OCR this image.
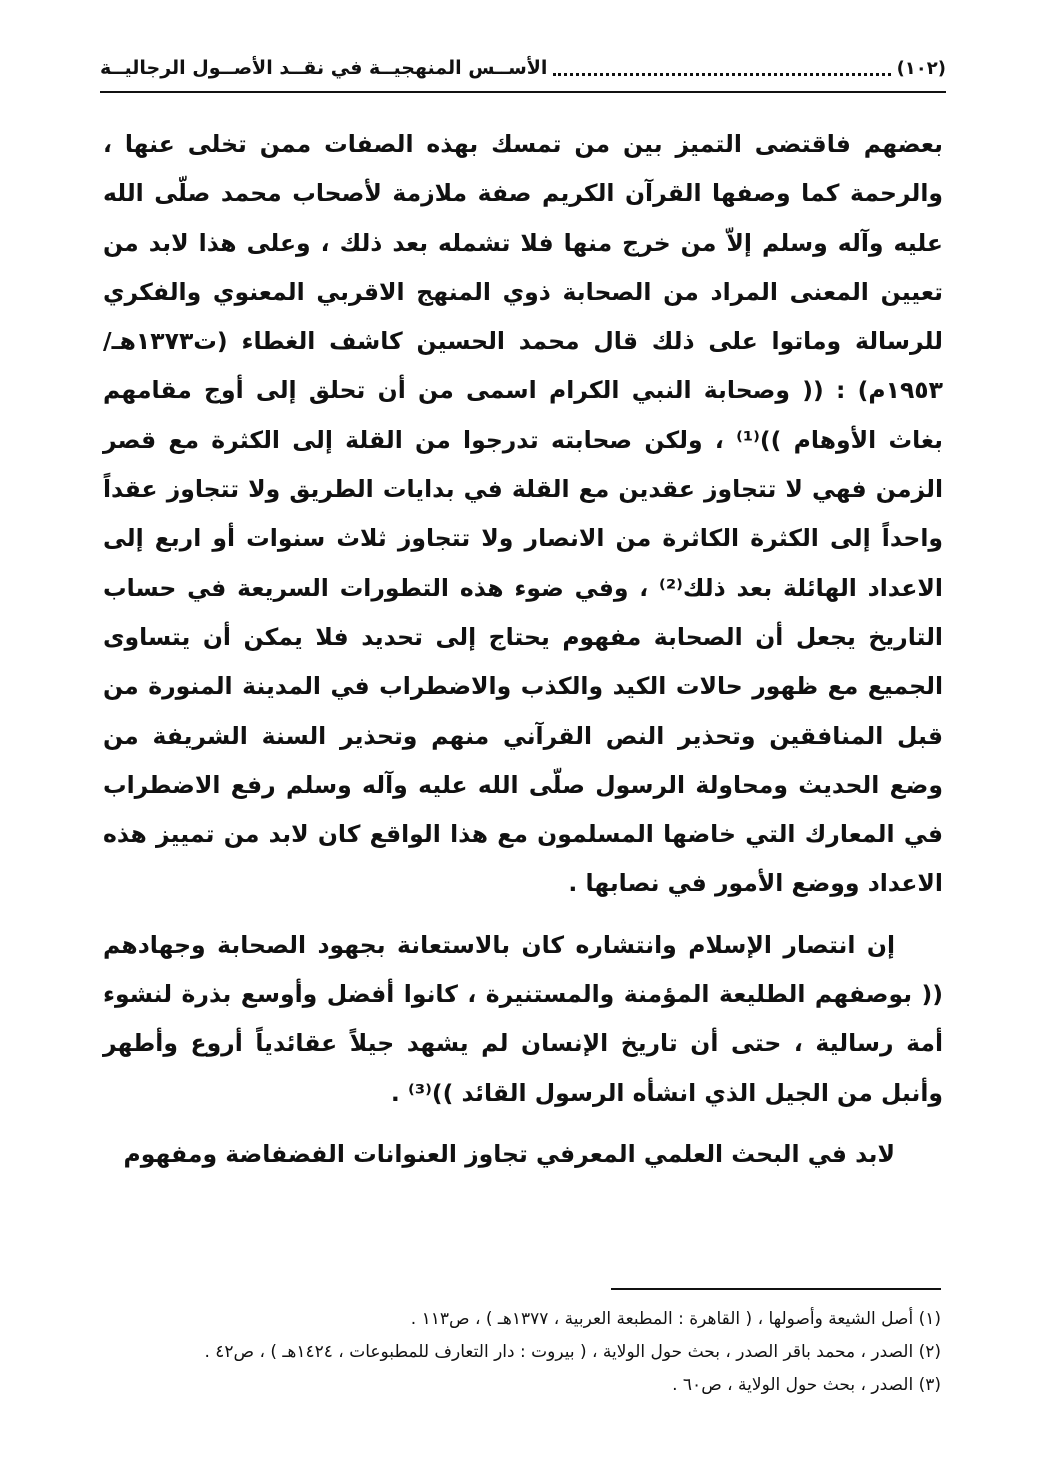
(١٠٢)
الأســس المنهجيــة في نقــد الأصــول الرجاليــة

بعضهم فاقتضى التميز بين من تمسك بهذه الصفات ممن تخلى عنها ، والرحمة كما وصفها القرآن الكريم صفة ملازمة لأصحاب محمد صلّى الله عليه وآله وسلم إلاّ من خرج منها فلا تشمله بعد ذلك ، وعلى هذا لابد من تعيين المعنى المراد من الصحابة ذوي المنهج الاقربي المعنوي والفكري للرسالة وماتوا على ذلك قال محمد الحسين كاشف الغطاء (ت١٣٧٣هـ/١٩٥٣م) : (( وصحابة النبي الكرام اسمى من أن تحلق إلى أوج مقامهم بغاث الأوهام ))⁽¹⁾ ، ولكن صحابته تدرجوا من القلة إلى الكثرة مع قصر الزمن فهي لا تتجاوز عقدين مع القلة في بدايات الطريق ولا تتجاوز عقداً واحداً إلى الكثرة الكاثرة من الانصار ولا تتجاوز ثلاث سنوات أو اربع إلى الاعداد الهائلة بعد ذلك⁽²⁾ ، وفي ضوء هذه التطورات السريعة في حساب التاريخ يجعل أن الصحابة مفهوم يحتاج إلى تحديد فلا يمكن أن يتساوى الجميع مع ظهور حالات الكيد والكذب والاضطراب في المدينة المنورة من قبل المنافقين وتحذير النص القرآني منهم وتحذير السنة الشريفة من وضع الحديث ومحاولة الرسول صلّى الله عليه وآله وسلم رفع الاضطراب في المعارك التي خاضها المسلمون مع هذا الواقع كان لابد من تمييز هذه الاعداد ووضع الأمور في نصابها .

إن انتصار الإسلام وانتشاره كان بالاستعانة بجهود الصحابة وجهادهم (( بوصفهم الطليعة المؤمنة والمستنيرة ، كانوا أفضل وأوسع بذرة لنشوء أمة رسالية ، حتى أن تاريخ الإنسان لم يشهد جيلاً عقائدياً أروع وأطهر وأنبل من الجيل الذي انشأه الرسول القائد ))⁽³⁾ .

لابد في البحث العلمي المعرفي تجاوز العنوانات الفضفاضة ومفهوم

(١) أصل الشيعة وأصولها ، ( القاهرة : المطبعة العربية ، ١٣٧٧هـ ) ، ص١١٣ .
(٢) الصدر ، محمد باقر الصدر ، بحث حول الولاية ، ( بيروت : دار التعارف للمطبوعات ، ١٤٢٤هـ ) ، ص٤٢ .
(٣) الصدر ، بحث حول الولاية ، ص٦٠ .
